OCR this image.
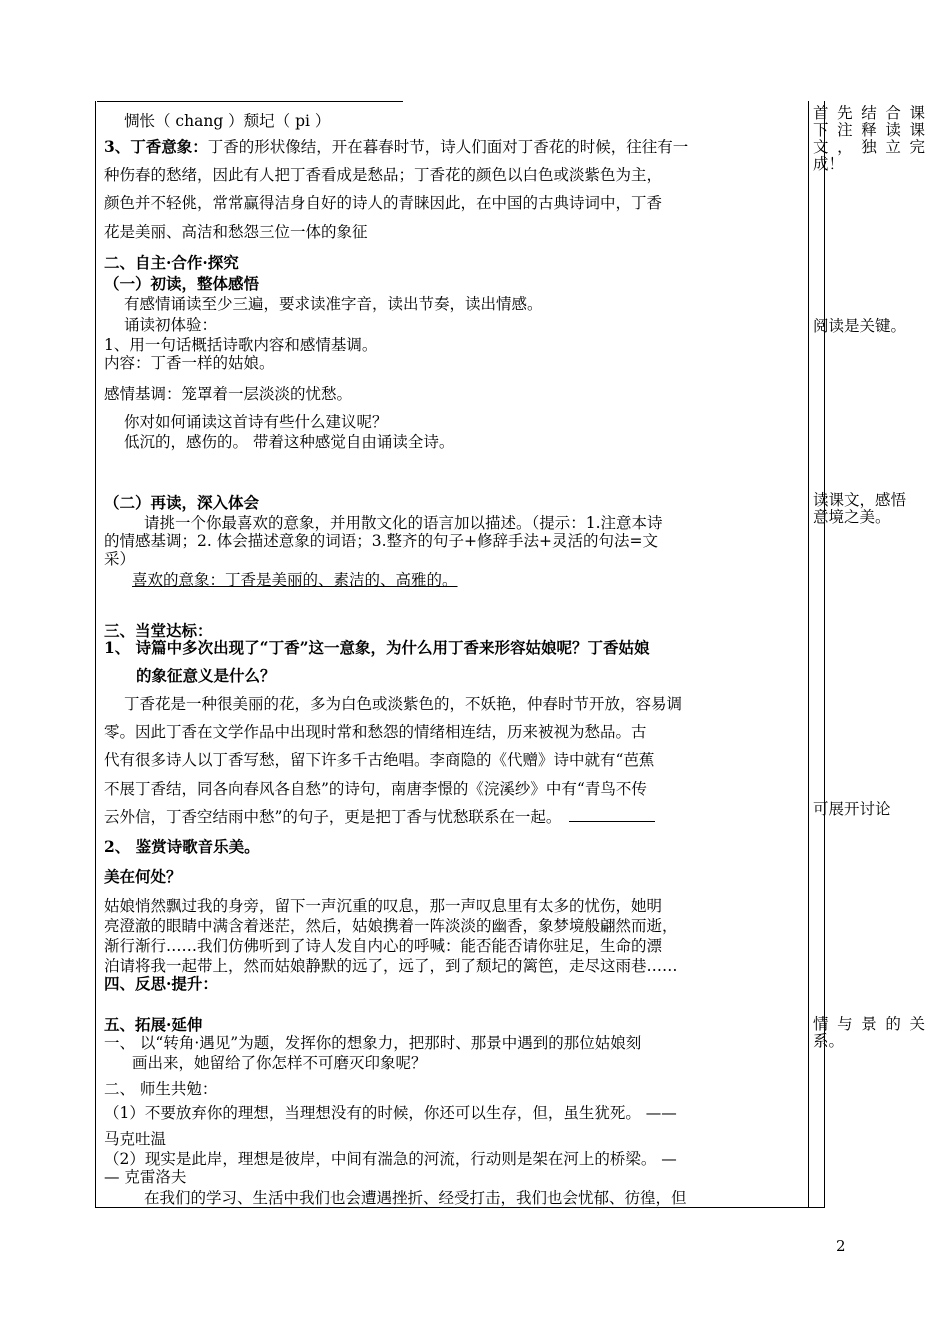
惆怅（ chang ）颓圮（ pi ）
3、丁香意象：丁香的形状像结，开在暮春时节，诗人们面对丁香花的时候，往往有一
种伤春的愁绪，因此有人把丁香看成是愁品；丁香花的颜色以白色或淡紫色为主，
颜色并不轻佻，常常赢得洁身自好的诗人的青睐因此，在中国的古典诗词中，丁香
花是美丽、高洁和愁怨三位一体的象征
二、自主·合作·探究
（一）初读，整体感悟
有感情诵读至少三遍，要求读准字音，读出节奏，读出情感。
诵读初体验：
1、用一句话概括诗歌内容和感情基调。
内容：丁香一样的姑娘。
感情基调：笼罩着一层淡淡的忧愁。
你对如何诵读这首诗有些什么建议呢？
低沉的，感伤的。 带着这种感觉自由诵读全诗。
（二）再读，深入体会
请挑一个你最喜欢的意象，并用散文化的语言加以描述。（提示：1.注意本诗
的情感基调；2. 体会描述意象的词语；3.整齐的句子+修辞手法+灵活的句法=文
采）
喜欢的意象：丁香是美丽的、素洁的、高雅的。
三、当堂达标：
1、 诗篇中多次出现了“丁香”这一意象，为什么用丁香来形容姑娘呢？丁香姑娘
的象征意义是什么？
丁香花是一种很美丽的花，多为白色或淡紫色的，不妖艳，仲春时节开放，容易调
零。因此丁香在文学作品中出现时常和愁怨的情绪相连结，历来被视为愁品。古
代有很多诗人以丁香写愁，留下许多千古绝唱。李商隐的《代赠》诗中就有“芭蕉
不展丁香结，同各向春风各自愁”的诗句，南唐李憬的《浣溪纱》中有“青鸟不传
云外信，丁香空结雨中愁”的句子，更是把丁香与忧愁联系在一起。
2、 鉴赏诗歌音乐美。
美在何处？
姑娘悄然飘过我的身旁，留下一声沉重的叹息，那一声叹息里有太多的忧伤，她明
亮澄澈的眼睛中满含着迷茫，然后，姑娘携着一阵淡淡的幽香，象梦境般翩然而逝，
渐行渐行……我们仿佛听到了诗人发自内心的呼喊：能否能否请你驻足，生命的漂
泊请将我一起带上，然而姑娘静默的远了，远了，到了颓圮的篱笆，走尽这雨巷……
四、反思·提升：
五、拓展·延伸
一、 以“转角·遇见”为题，发挥你的想象力，把那时、那景中遇到的那位姑娘刻
画出来，她留给了你怎样不可磨灭印象呢？
二、 师生共勉：
（1）不要放弃你的理想，当理想没有的时候，你还可以生存，但，虽生犹死。 ——
马克吐温
（2）现实是此岸，理想是彼岸，中间有湍急的河流，行动则是架在河上的桥梁。 —
— 克雷洛夫
在我们的学习、生活中我们也会遭遇挫折、经受打击，我们也会忧郁、彷徨，但
首先结合课
下注释读课
文，独立完
成！
阅读是关键。
读课文，感悟
意境之美。
可展开讨论
情与景的关
系。
2
